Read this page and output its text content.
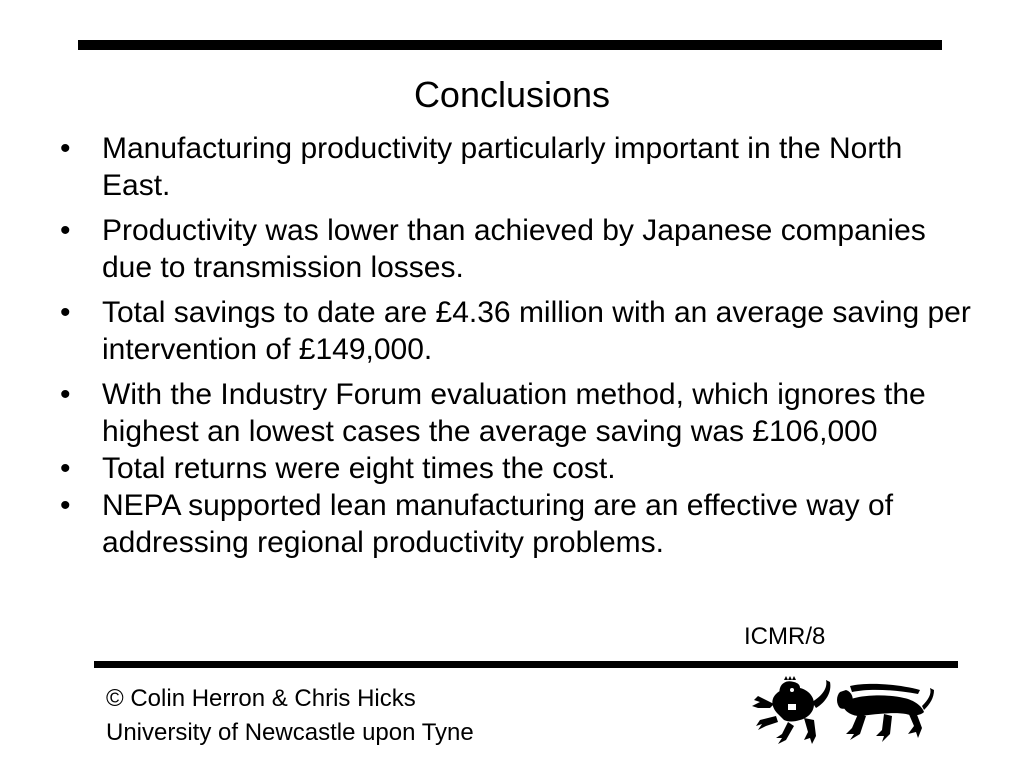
Conclusions
• Manufacturing productivity particularly important in the North East.
• Productivity was lower than achieved by Japanese companies due to transmission losses.
• Total savings to date are £4.36 million with an average saving per intervention of £149,000.
• With the Industry Forum evaluation method, which ignores the highest an lowest cases the average saving was £106,000
• Total returns were eight times the cost.
• NEPA supported lean manufacturing are an effective way of addressing regional productivity problems.
ICMR/8
© Colin Herron & Chris Hicks
University of Newcastle upon Tyne
